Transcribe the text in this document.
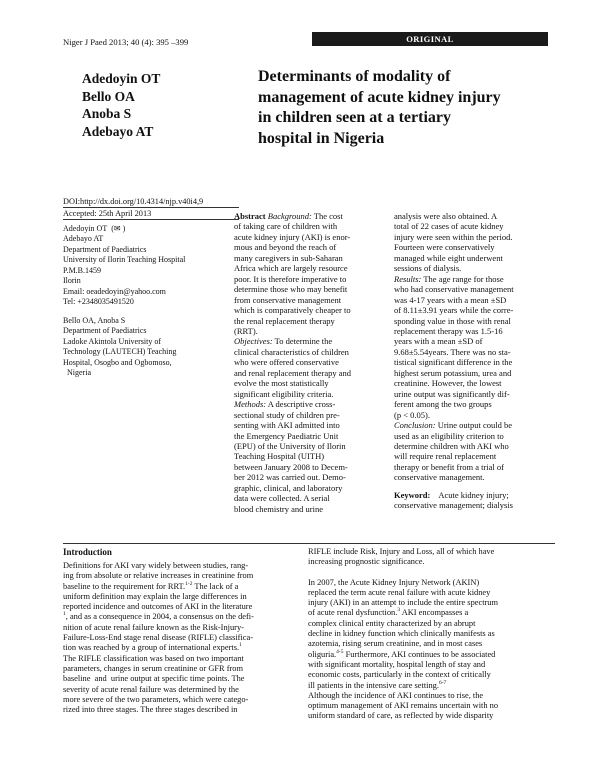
Niger J Paed 2013; 40 (4): 395 –399	ORIGINAL
Adedoyin OT
Bello OA
Anoba S
Adebayo AT
Determinants of modality of
management of acute kidney injury
in children seen at a tertiary
hospital in Nigeria
DOI:http://dx.doi.org/10.4314/njp.v40i4,9
Accepted: 25th April 2013
Adedoyin OT (✉ )
Adebayo AT
Department of Paediatrics
University of Ilorin Teaching Hospital
P.M.B.1459
Ilorin
Email: oeadedoyin@yahoo.com
Tel: +2348035491520
Bello OA, Anoba S
Department of Paediatrics
Ladoke Akintola University of
Technology (LAUTECH) Teaching
Hospital, Osogbo and Ogbomoso,
Nigeria
Abstract Background: The cost
of taking care of children with
acute kidney injury (AKI) is enor-
mous and beyond the reach of
many caregivers in sub-Saharan
Africa which are largely resource
poor. It is therefore imperative to
determine those who may benefit
from conservative management
which is comparatively cheaper to
the renal replacement therapy
(RRT).
Objectives: To determine the
clinical characteristics of children
who were offered conservative
and renal replacement therapy and
evolve the most statistically
significant eligibility criteria.
Methods: A descriptive cross-
sectional study of children pre-
senting with AKI admitted into
the Emergency Paediatric Unit
(EPU) of the University of Ilorin
Teaching Hospital (UITH)
between January 2008 to Decem-
ber 2012 was carried out. Demo-
graphic, clinical, and laboratory
data were collected. A serial
blood chemistry and urine
analysis were also obtained. A
total of 22 cases of acute kidney
injury were seen within the period.
Fourteen were conservatively
managed while eight underwent
sessions of dialysis.
Results: The age range for those
who had conservative management
was 4-17 years with a mean ±SD
of 8.11±3.91 years while the corre-
sponding value in those with renal
replacement therapy was 1.5-16
years with a mean ±SD of
9.68±5.54years. There was no sta-
tistical significant difference in the
highest serum potassium, urea and
creatinine. However, the lowest
urine output was significantly dif-
ferent among the two groups
(p < 0.05).
Conclusion: Urine output could be
used as an eligibility criterion to
determine children with AKI who
will require renal replacement
therapy or benefit from a trial of
conservative management.
Keyword:    Acute kidney injury;
conservative management; dialysis
Introduction
Definitions for AKI vary widely between studies, rang-
ing from absolute or relative increases in creatinine from
baseline to the requirement for RRT.$^{1-2}$ The lack of a
uniform definition may explain the large differences in
reported incidence and outcomes of AKI in the literature
$^1$, and as a consequence in 2004, a consensus on the defi-
nition of acute renal failure known as the Risk-Injury-
Failure-Loss-End stage renal disease (RIFLE) classifica-
tion was reached by a group of international experts.$^1$
The RIFLE classification was based on two important
parameters, changes in serum creatinine or GFR from
baseline  and  urine output at specific time points. The
severity of acute renal failure was determined by the
more severe of the two parameters, which were catego-
rized into three stages. The three stages described in
RIFLE include Risk, Injury and Loss, all of which have
increasing prognostic significance.
In 2007, the Acute Kidney Injury Network (AKIN)
replaced the term acute renal failure with acute kidney
injury (AKI) in an attempt to include the entire spectrum
of acute renal dysfunction.$^3$ AKI encompasses a
complex clinical entity characterized by an abrupt
decline in kidney function which clinically manifests as
azotemia, rising serum creatinine, and in most cases
oliguria.$^{4-5}$ Furthermore, AKI continues to be associated
with significant mortality, hospital length of stay and
economic costs, particularly in the context of critically
ill patients in the intensive care setting.$^{6-7}$
Although the incidence of AKI continues to rise, the
optimum management of AKI remains uncertain with no
uniform standard of care, as reflected by wide disparity
